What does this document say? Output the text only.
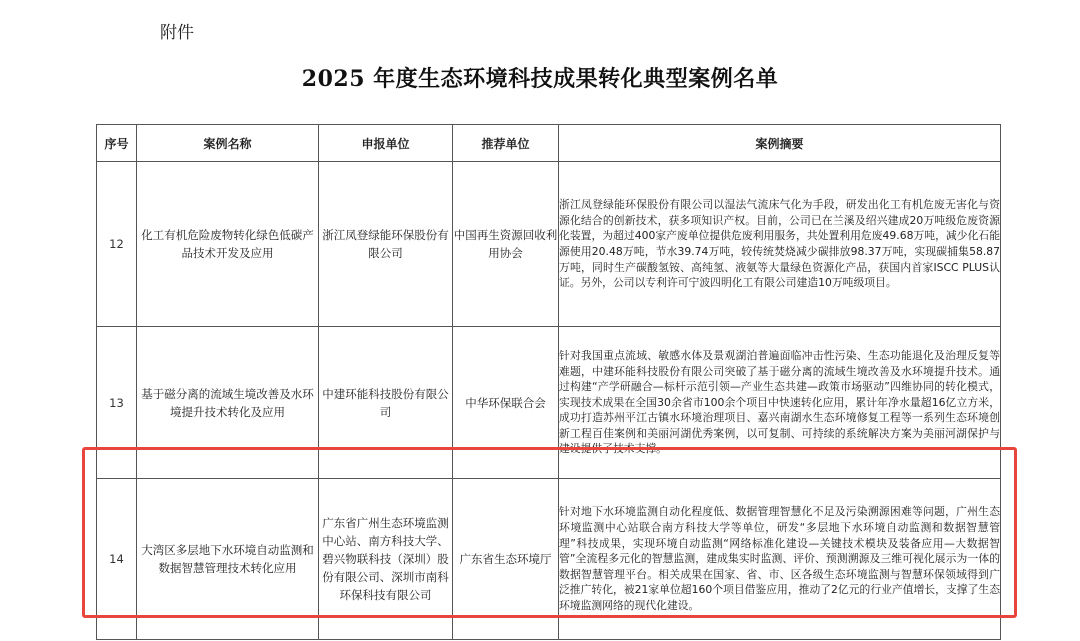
附件
2025 年度生态环境科技成果转化典型案例名单
序号	案例名称	申报单位	推荐单位	案例摘要
12	化工有机危险废物转化绿色低碳产品技术开发及应用	浙江凤登绿能环保股份有限公司	中国再生资源回收利用协会	浙江凤登绿能环保股份有限公司以湿法气流床气化为手段，研发出化工有机危废无害化与资源化结合的创新技术，获多项知识产权。目前，公司已在兰溪及绍兴建成20万吨级危废资源化装置，为超过400家产废单位提供危废利用服务，共处置利用危废49.68万吨，减少化石能源使用20.48万吨，节水39.74万吨，较传统焚烧减少碳排放98.37万吨，实现碳捕集58.87万吨，同时生产碳酸氢铵、高纯氢、液氨等大量绿色资源化产品，获国内首家ISCC PLUS认证。另外，公司以专利许可宁波四明化工有限公司建造10万吨级项目。
13	基于磁分离的流域生境改善及水环境提升技术转化及应用	中建环能科技股份有限公司	中华环保联合会	针对我国重点流域、敏感水体及景观湖泊普遍面临冲击性污染、生态功能退化及治理反复等难题，中建环能科技股份有限公司突破了基于磁分离的流域生境改善及水环境提升技术。通过构建“产学研融合—标杆示范引领—产业生态共建—政策市场驱动”四维协同的转化模式，实现技术成果在全国30余省市100余个项目中快速转化应用，累计年净水量超16亿立方米，成功打造苏州平江古镇水环境治理项目、嘉兴南湖水生态环境修复工程等一系列生态环境创新工程百佳案例和美丽河湖优秀案例，以可复制、可持续的系统解决方案为美丽河湖保护与建设提供了技术支撑。
14	大湾区多层地下水环境自动监测和数据智慧管理技术转化应用	广东省广州生态环境监测中心站、南方科技大学、碧兴物联科技（深圳）股份有限公司、深圳市南科环保科技有限公司	广东省生态环境厅	针对地下水环境监测自动化程度低、数据管理智慧化不足及污染溯源困难等问题，广州生态环境监测中心站联合南方科技大学等单位，研发“多层地下水环境自动监测和数据智慧管理”科技成果，实现环境自动监测“网络标准化建设—关键技术模块及装备应用—大数据智管”全流程多元化的智慧监测，建成集实时监测、评价、预测溯源及三维可视化展示为一体的数据智慧管理平台。相关成果在国家、省、市、区各级生态环境监测与智慧环保领域得到广泛推广转化，被21家单位超160个项目借鉴应用，推动了2亿元的行业产值增长，支撑了生态环境监测网络的现代化建设。
